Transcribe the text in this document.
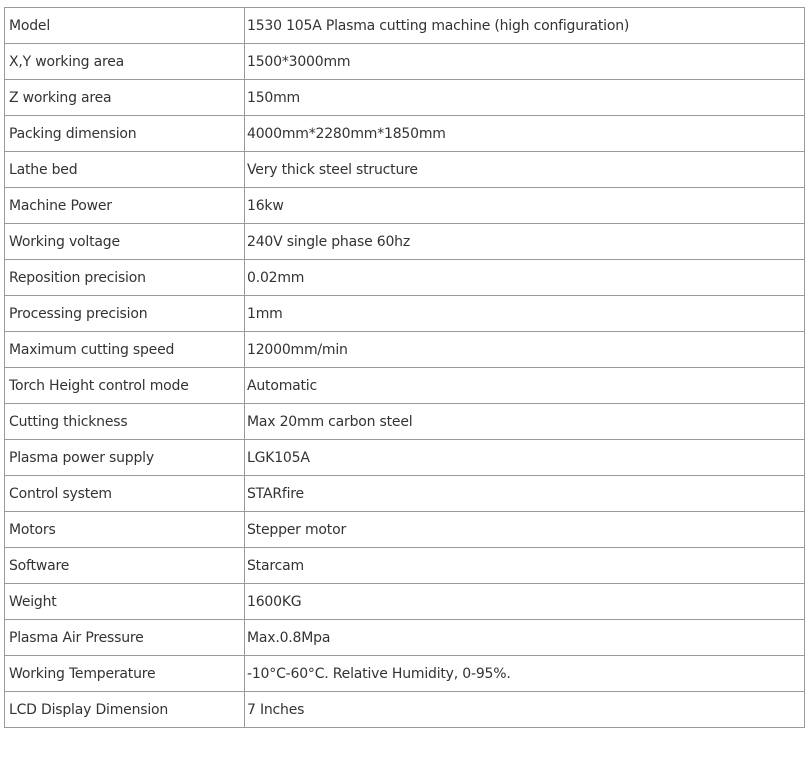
Model	1530 105A Plasma cutting machine (high configuration)
X,Y working area	1500*3000mm
Z working area	150mm
Packing dimension	4000mm*2280mm*1850mm
Lathe bed	Very thick steel structure
Machine Power	16kw
Working voltage	240V single phase 60hz
Reposition precision	0.02mm
Processing precision	1mm
Maximum cutting speed	12000mm/min
Torch Height control mode	Automatic
Cutting thickness	Max 20mm carbon steel
Plasma power supply	LGK105A
Control system	STARfire
Motors	Stepper motor
Software	Starcam
Weight	1600KG
Plasma Air Pressure	Max.0.8Mpa
Working Temperature	-10°C-60°C. Relative Humidity, 0-95%.
LCD Display Dimension	7 Inches
